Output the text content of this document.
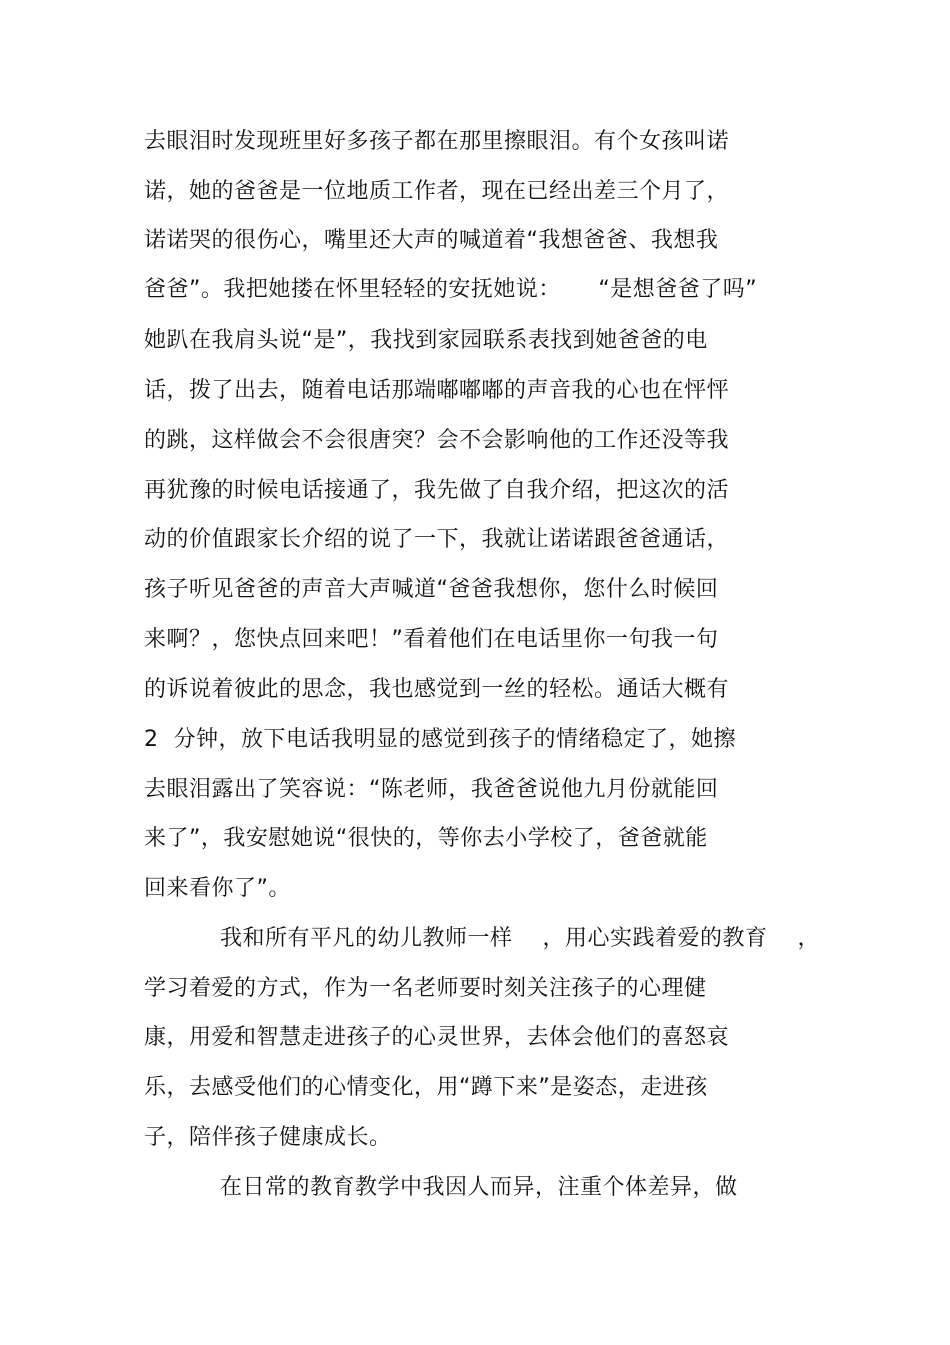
去眼泪时发现班里好多孩子都在那里擦眼泪。有个女孩叫诺
诺，她的爸爸是一位地质工作者，现在已经出差三个月了，
诺诺哭的很伤心，嘴里还大声的喊道着“我想爸爸、我想我
爸爸”。我把她搂在怀里轻轻的安抚她说：     “是想爸爸了吗”
她趴在我肩头说“是”，我找到家园联系表找到她爸爸的电
话，拨了出去，随着电话那端嘟嘟嘟的声音我的心也在怦怦
的跳，这样做会不会很唐突？会不会影响他的工作还没等我
再犹豫的时候电话接通了，我先做了自我介绍，把这次的活
动的价值跟家长介绍的说了一下，我就让诺诺跟爸爸通话，
孩子听见爸爸的声音大声喊道“爸爸我想你，您什么时候回
来啊？，您快点回来吧！”看着他们在电话里你一句我一句
的诉说着彼此的思念，我也感觉到一丝的轻松。通话大概有
2  分钟，放下电话我明显的感觉到孩子的情绪稳定了，她擦
去眼泪露出了笑容说：“陈老师，我爸爸说他九月份就能回
来了”，我安慰她说“很快的，等你去小学校了，爸爸就能
回来看你了”。
我和所有平凡的幼儿教师一样    ，用心实践着爱的教育    ，
学习着爱的方式，作为一名老师要时刻关注孩子的心理健
康，用爱和智慧走进孩子的心灵世界，去体会他们的喜怒哀
乐，去感受他们的心情变化，用“蹲下来”是姿态，走进孩
子，陪伴孩子健康成长。
在日常的教育教学中我因人而异，注重个体差异，做
